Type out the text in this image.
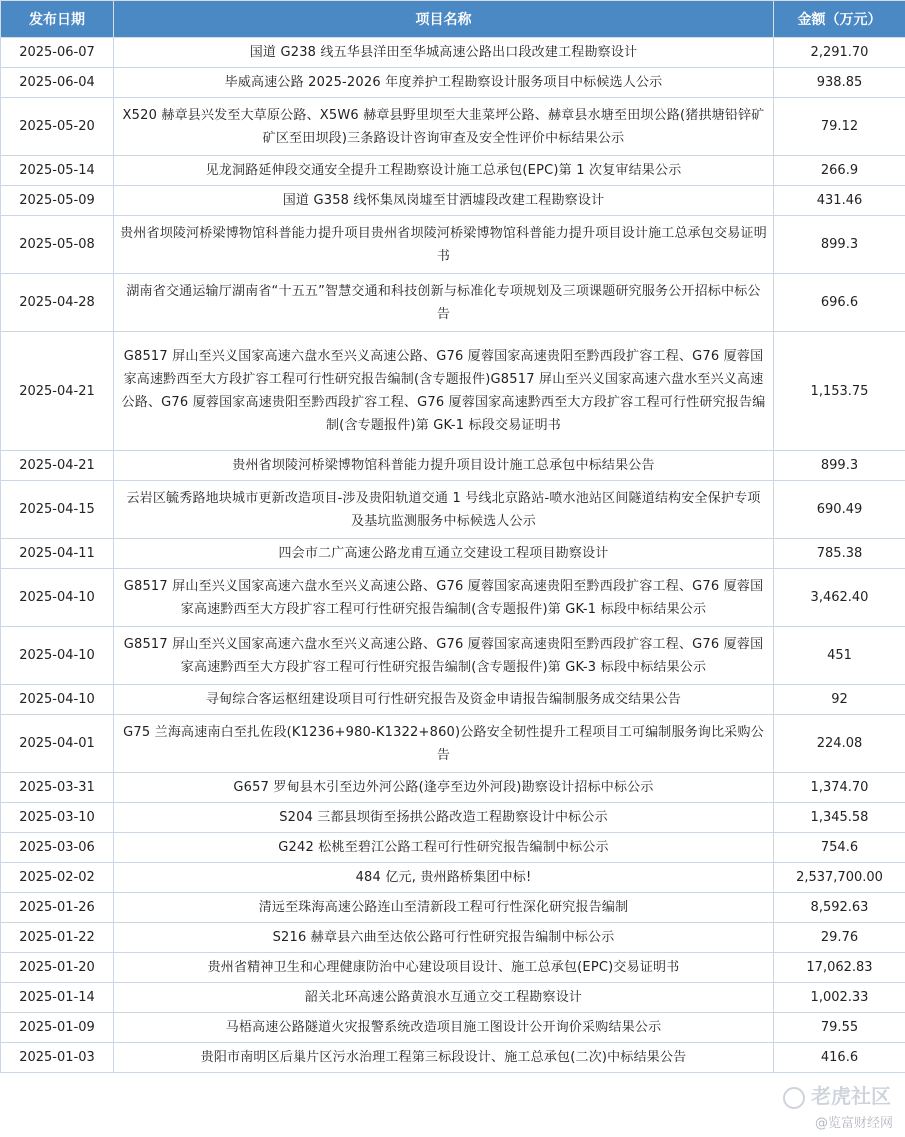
发布日期	项目名称	金额（万元）
2025-06-07	国道 G238 线五华县洋田至华城高速公路出口段改建工程勘察设计	2,291.70
2025-06-04	毕威高速公路 2025-2026 年度养护工程勘察设计服务项目中标候选人公示	938.85
2025-05-20	X520 赫章县兴发至大草原公路、X5W6 赫章县野里坝至大韭菜坪公路、赫章县水塘至田坝公路(猪拱塘铅锌矿矿区至田坝段)三条路设计咨询审查及安全性评价中标结果公示	79.12
2025-05-14	见龙洞路延伸段交通安全提升工程勘察设计施工总承包(EPC)第 1 次复审结果公示	266.9
2025-05-09	国道 G358 线怀集凤岗墟至甘洒墟段改建工程勘察设计	431.46
2025-05-08	贵州省坝陵河桥梁博物馆科普能力提升项目贵州省坝陵河桥梁博物馆科普能力提升项目设计施工总承包交易证明书	899.3
2025-04-28	湖南省交通运输厅湖南省“十五五”智慧交通和科技创新与标准化专项规划及三项课题研究服务公开招标中标公告	696.6
2025-04-21	G8517 屏山至兴义国家高速六盘水至兴义高速公路、G76 厦蓉国家高速贵阳至黔西段扩容工程、G76 厦蓉国家高速黔西至大方段扩容工程可行性研究报告编制(含专题报件)G8517 屏山至兴义国家高速六盘水至兴义高速公路、G76 厦蓉国家高速贵阳至黔西段扩容工程、G76 厦蓉国家高速黔西至大方段扩容工程可行性研究报告编制(含专题报件)第 GK-1 标段交易证明书	1,153.75
2025-04-21	贵州省坝陵河桥梁博物馆科普能力提升项目设计施工总承包中标结果公告	899.3
2025-04-15	云岩区毓秀路地块城市更新改造项目-涉及贵阳轨道交通 1 号线北京路站-喷水池站区间隧道结构安全保护专项及基坑监测服务中标候选人公示	690.49
2025-04-11	四会市二广高速公路龙甫互通立交建设工程项目勘察设计	785.38
2025-04-10	G8517 屏山至兴义国家高速六盘水至兴义高速公路、G76 厦蓉国家高速贵阳至黔西段扩容工程、G76 厦蓉国家高速黔西至大方段扩容工程可行性研究报告编制(含专题报件)第 GK-1 标段中标结果公示	3,462.40
2025-04-10	G8517 屏山至兴义国家高速六盘水至兴义高速公路、G76 厦蓉国家高速贵阳至黔西段扩容工程、G76 厦蓉国家高速黔西至大方段扩容工程可行性研究报告编制(含专题报件)第 GK-3 标段中标结果公示	451
2025-04-10	寻甸综合客运枢纽建设项目可行性研究报告及资金申请报告编制服务成交结果公告	92
2025-04-01	G75 兰海高速南白至扎佐段(K1236+980-K1322+860)公路安全韧性提升工程项目工可编制服务询比采购公告	224.08
2025-03-31	G657 罗甸县木引至边外河公路(逢亭至边外河段)勘察设计招标中标公示	1,374.70
2025-03-10	S204 三都县坝街至扬拱公路改造工程勘察设计中标公示	1,345.58
2025-03-06	G242 松桃至碧江公路工程可行性研究报告编制中标公示	754.6
2025-02-02	484 亿元, 贵州路桥集团中标!	2,537,700.00
2025-01-26	清远至珠海高速公路连山至清新段工程可行性深化研究报告编制	8,592.63
2025-01-22	S216 赫章县六曲至达依公路可行性研究报告编制中标公示	29.76
2025-01-20	贵州省精神卫生和心理健康防治中心建设项目设计、施工总承包(EPC)交易证明书	17,062.83
2025-01-14	韶关北环高速公路黄浪水互通立交工程勘察设计	1,002.33
2025-01-09	马梧高速公路隧道火灾报警系统改造项目施工图设计公开询价采购结果公示	79.55
2025-01-03	贵阳市南明区后巢片区污水治理工程第三标段设计、施工总承包(二次)中标结果公告	416.6
老虎社区
@览富财经网
